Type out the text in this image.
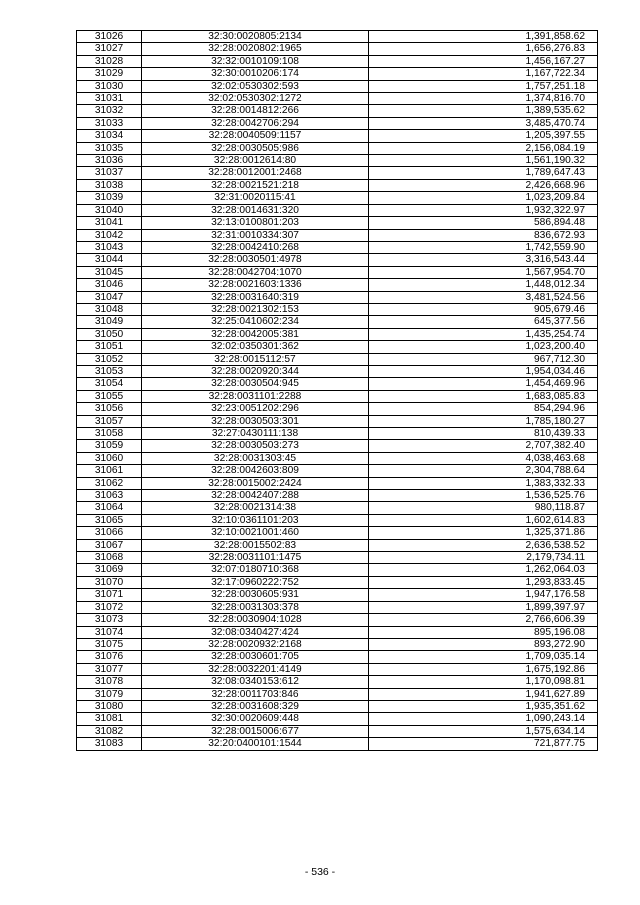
31026	32:30:0020805:2134	1,391,858.62
31027	32:28:0020802:1965	1,656,276.83
31028	32:32:0010109:108	1,456,167.27
31029	32:30:0010206:174	1,167,722.34
31030	32:02:0530302:593	1,757,251.18
31031	32:02:0530302:1272	1,374,816.70
31032	32:28:0014812:266	1,389,535.62
31033	32:28:0042706:294	3,485,470.74
31034	32:28:0040509:1157	1,205,397.55
31035	32:28:0030505:986	2,156,084.19
31036	32:28:0012614:80	1,561,190.32
31037	32:28:0012001:2468	1,789,647.43
31038	32:28:0021521:218	2,426,668.96
31039	32:31:0020115:41	1,023,209.84
31040	32:28:0014631:320	1,932,322.97
31041	32:13:0100801:203	586,894.48
31042	32:31:0010334:307	836,672.93
31043	32:28:0042410:268	1,742,559.90
31044	32:28:0030501:4978	3,316,543.44
31045	32:28:0042704:1070	1,567,954.70
31046	32:28:0021603:1336	1,448,012.34
31047	32:28:0031640:319	3,481,524.56
31048	32:28:0021302:153	905,679.46
31049	32:25:0410602:234	645,377.56
31050	32:28:0042005:381	1,435,254.74
31051	32:02:0350301:362	1,023,200.40
31052	32:28:0015112:57	967,712.30
31053	32:28:0020920:344	1,954,034.46
31054	32:28:0030504:945	1,454,469.96
31055	32:28:0031101:2288	1,683,085.83
31056	32:23:0051202:296	854,294.96
31057	32:28:0030503:301	1,785,180.27
31058	32:27:0430111:138	810,439.33
31059	32:28:0030503:273	2,707,382.40
31060	32:28:0031303:45	4,038,463.68
31061	32:28:0042603:809	2,304,788.64
31062	32:28:0015002:2424	1,383,332.33
31063	32:28:0042407:288	1,536,525.76
31064	32:28:0021314:38	980,118.87
31065	32:10:0361101:203	1,602,614.83
31066	32:10:0021001:460	1,325,371.86
31067	32:28:0015502:83	2,636,538.52
31068	32:28:0031101:1475	2,179,734.11
31069	32:07:0180710:368	1,262,064.03
31070	32:17:0960222:752	1,293,833.45
31071	32:28:0030605:931	1,947,176.58
31072	32:28:0031303:378	1,899,397.97
31073	32:28:0030904:1028	2,766,606.39
31074	32:08:0340427:424	895,196.08
31075	32:28:0020932:2168	893,272.90
31076	32:28:0030601:705	1,709,035.14
31077	32:28:0032201:4149	1,675,192.86
31078	32:08:0340153:612	1,170,098.81
31079	32:28:0011703:846	1,941,627.89
31080	32:28:0031608:329	1,935,351.62
31081	32:30:0020609:448	1,090,243.14
31082	32:28:0015006:677	1,575,634.14
31083	32:20:0400101:1544	721,877.75
- 536 -
